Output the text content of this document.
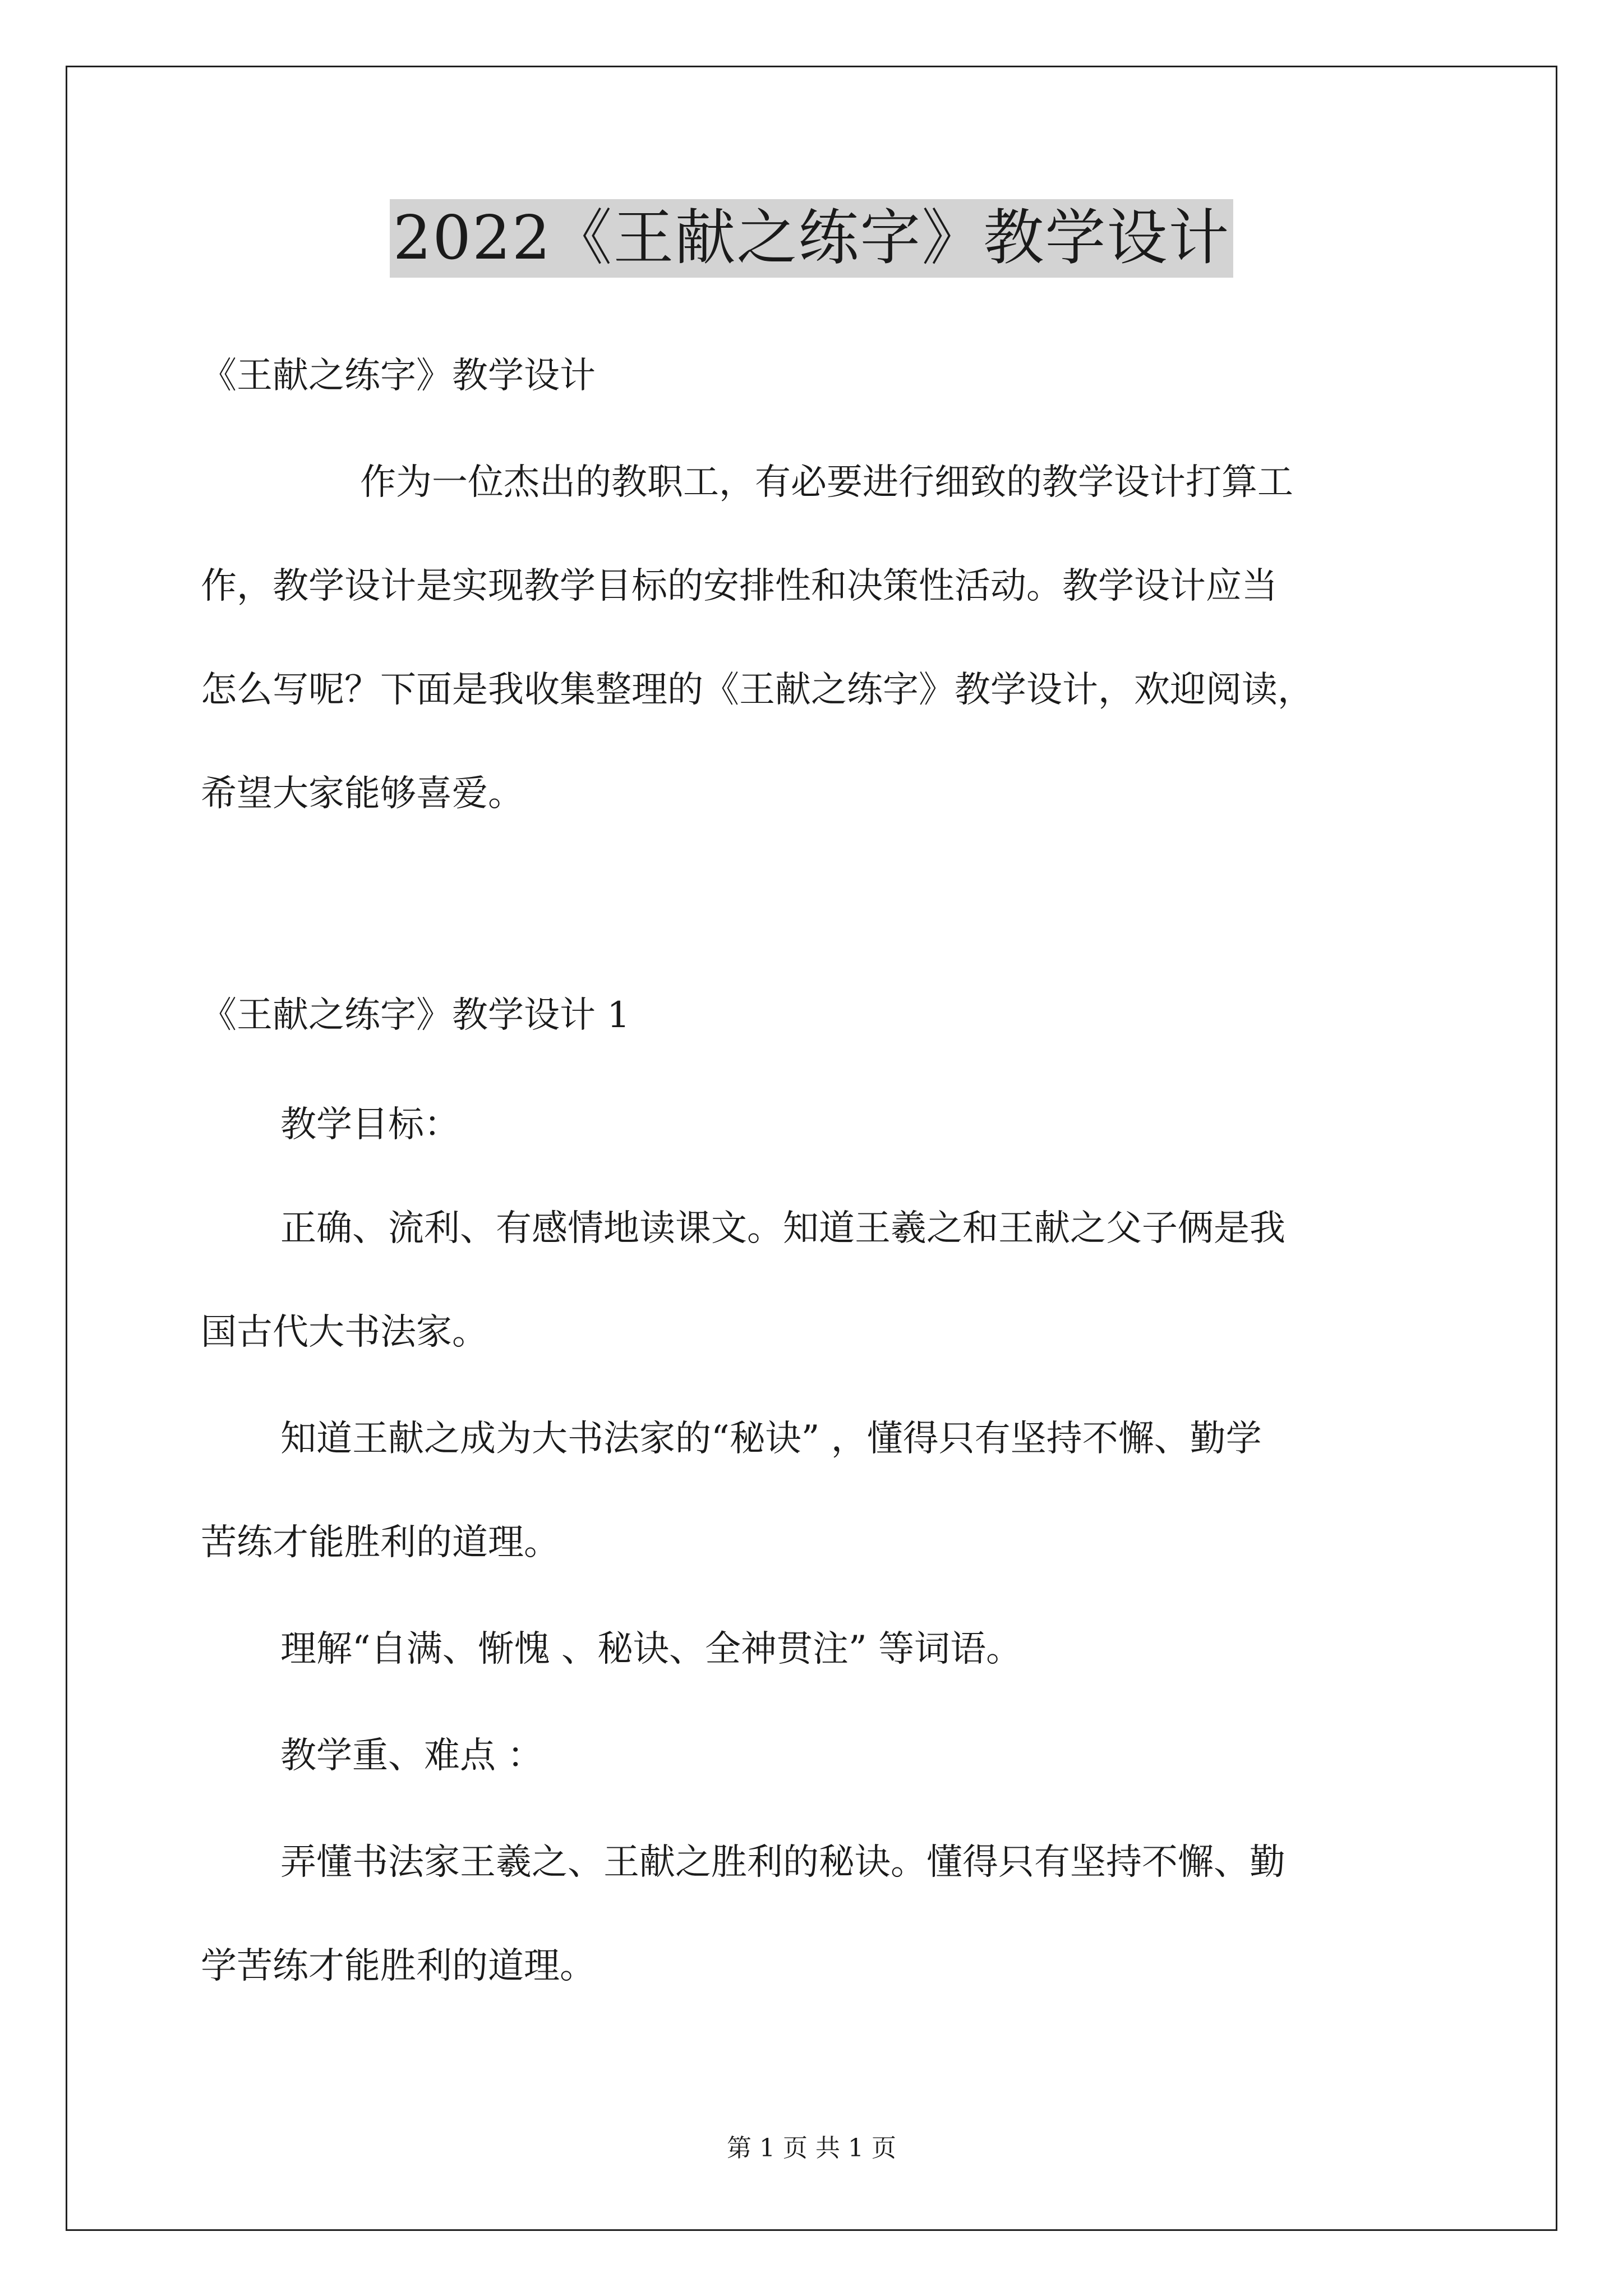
2022《王献之练字》教学设计
《王献之练字》教学设计
作为一位杰出的教职工，有必要进行细致的教学设计打算工
作，教学设计是实现教学目标的安排性和决策性活动。教学设计应当
怎么写呢？下面是我收集整理的《王献之练字》教学设计，欢迎阅读，
希望大家能够喜爱。
《王献之练字》教学设计 1
教学目标：
正确、流利、有感情地读课文。知道王羲之和王献之父子俩是我
国古代大书法家。
知道王献之成为大书法家的“秘诀” ，懂得只有坚持不懈、勤学
苦练才能胜利的道理。
理解“自满、惭愧 、秘诀、全神贯注” 等词语。
教学重、难点 ：
弄懂书法家王羲之、王献之胜利的秘诀。懂得只有坚持不懈、勤
学苦练才能胜利的道理。
第 1 页 共 1 页
